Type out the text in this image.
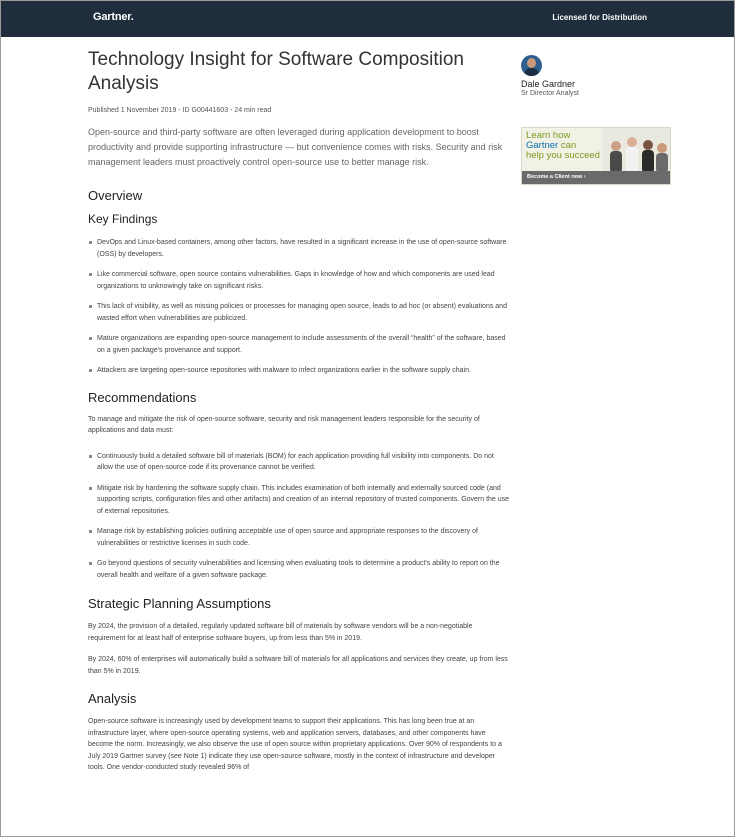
Gartner.	Licensed for Distribution
Technology Insight for Software Composition Analysis
Published 1 November 2019 - ID G00441603 - 24 min read

Open-source and third-party software are often leveraged during application development to boost productivity and provide supporting infrastructure — but convenience comes with risks. Security and risk management leaders must proactively control open-source use to better manage risk.

Overview
Key Findings
DevOps and Linux-based containers, among other factors, have resulted in a significant increase in the use of open-source software (OSS) by developers.
Like commercial software, open source contains vulnerabilities. Gaps in knowledge of how and which components are used lead organizations to unknowingly take on significant risks.
This lack of visibility, as well as missing policies or processes for managing open source, leads to ad hoc (or absent) evaluations and wasted effort when vulnerabilities are publicized.
Mature organizations are expanding open-source management to include assessments of the overall “health” of the software, based on a given package's provenance and support.
Attackers are targeting open-source repositories with malware to infect organizations earlier in the software supply chain.
Recommendations

To manage and mitigate the risk of open-source software, security and risk management leaders responsible for the security of applications and data must:

Continuously build a detailed software bill of materials (BOM) for each application providing full visibility into components. Do not allow the use of open-source code if its provenance cannot be verified.
Mitigate risk by hardening the software supply chain. This includes examination of both internally and externally sourced code (and supporting scripts, configuration files and other artifacts) and creation of an internal repository of trusted components. Govern the use of external repositories.
Manage risk by establishing policies outlining acceptable use of open source and appropriate responses to the discovery of vulnerabilities or restrictive licenses in such code.
Go beyond questions of security vulnerabilities and licensing when evaluating tools to determine a product's ability to report on the overall health and welfare of a given software package.
Strategic Planning Assumptions

By 2024, the provision of a detailed, regularly updated software bill of materials by software vendors will be a non-negotiable requirement for at least half of enterprise software buyers, up from less than 5% in 2019.

By 2024, 60% of enterprises will automatically build a software bill of materials for all applications and services they create, up from less than 5% in 2019.

Analysis

Open-source software is increasingly used by development teams to support their applications. This has long been true at an infrastructure layer, where open-source operating systems, web and application servers, databases, and other components have become the norm. Increasingly, we also observe the use of open source within proprietary applications. Over 90% of respondents to a July 2019 Gartner survey (see Note 1) indicate they use open-source software, mostly in the context of infrastructure and developer tools. One vendor-conducted study revealed 96% of

Dale Gardner
Sr Director Analyst
Learn how
Gartner can
help you succeed
Become a Client now ›
